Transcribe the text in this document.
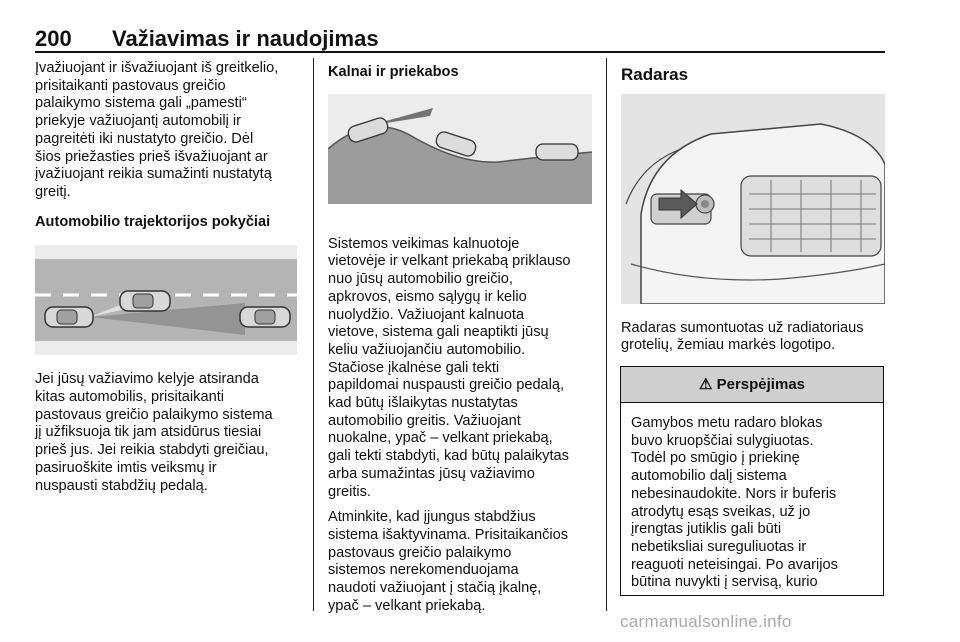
200 Važiavimas ir naudojimas

Įvažiuojant ir išvažiuojant iš greitkelio,
prisitaikanti pastovaus greičio
palaikymo sistema gali „pamesti“
priekyje važiuojantį automobilį ir
pagreitėti iki nustatyto greičio. Dėl
šios priežasties prieš išvažiuojant ar
įvažiuojant reikia sumažinti nustatytą
greitį.

Automobilio trajektorijos pokyčiai

Jei jūsų važiavimo kelyje atsiranda
kitas automobilis, prisitaikanti
pastovaus greičio palaikymo sistema
jį užfiksuoja tik jam atsidūrus tiesiai
prieš jus. Jei reikia stabdyti greičiau,
pasiruoškite imtis veiksmų ir
nuspausti stabdžių pedalą.

Kalnai ir priekabos

Sistemos veikimas kalnuotoje
vietovėje ir velkant priekabą priklauso
nuo jūsų automobilio greičio,
apkrovos, eismo sąlygų ir kelio
nuolydžio. Važiuojant kalnuota
vietove, sistema gali neaptikti jūsų
keliu važiuojančiu automobilio.
Stačiose įkalnėse gali tekti
papildomai nuspausti greičio pedalą,
kad būtų išlaikytas nustatytas
automobilio greitis. Važiuojant
nuokalne, ypač – velkant priekabą,
gali tekti stabdyti, kad būtų palaikytas
arba sumažintas jūsų važiavimo
greitis.

Atminkite, kad įjungus stabdžius
sistema išaktyvinama. Prisitaikančios
pastovaus greičio palaikymo
sistemos nerekomenduojama
naudoti važiuojant į stačią įkalnę,
ypač – velkant priekabą.

Radaras

Radaras sumontuotas už radiatoriaus
grotelių, žemiau markės logotipo.

⚠ Perspėjimas
Gamybos metu radaro blokas
buvo kruopščiai sulygiuotas.
Todėl po smūgio į priekinę
automobilio dalį sistema
nebesinaudokite. Nors ir buferis
atrodytų esąs sveikas, už jo
įrengtas jutiklis gali būti
nebetiksliai sureguliuotas ir
reaguoti neteisingai. Po avarijos
būtina nuvykti į servisą, kurio
carmanualsonline.info
